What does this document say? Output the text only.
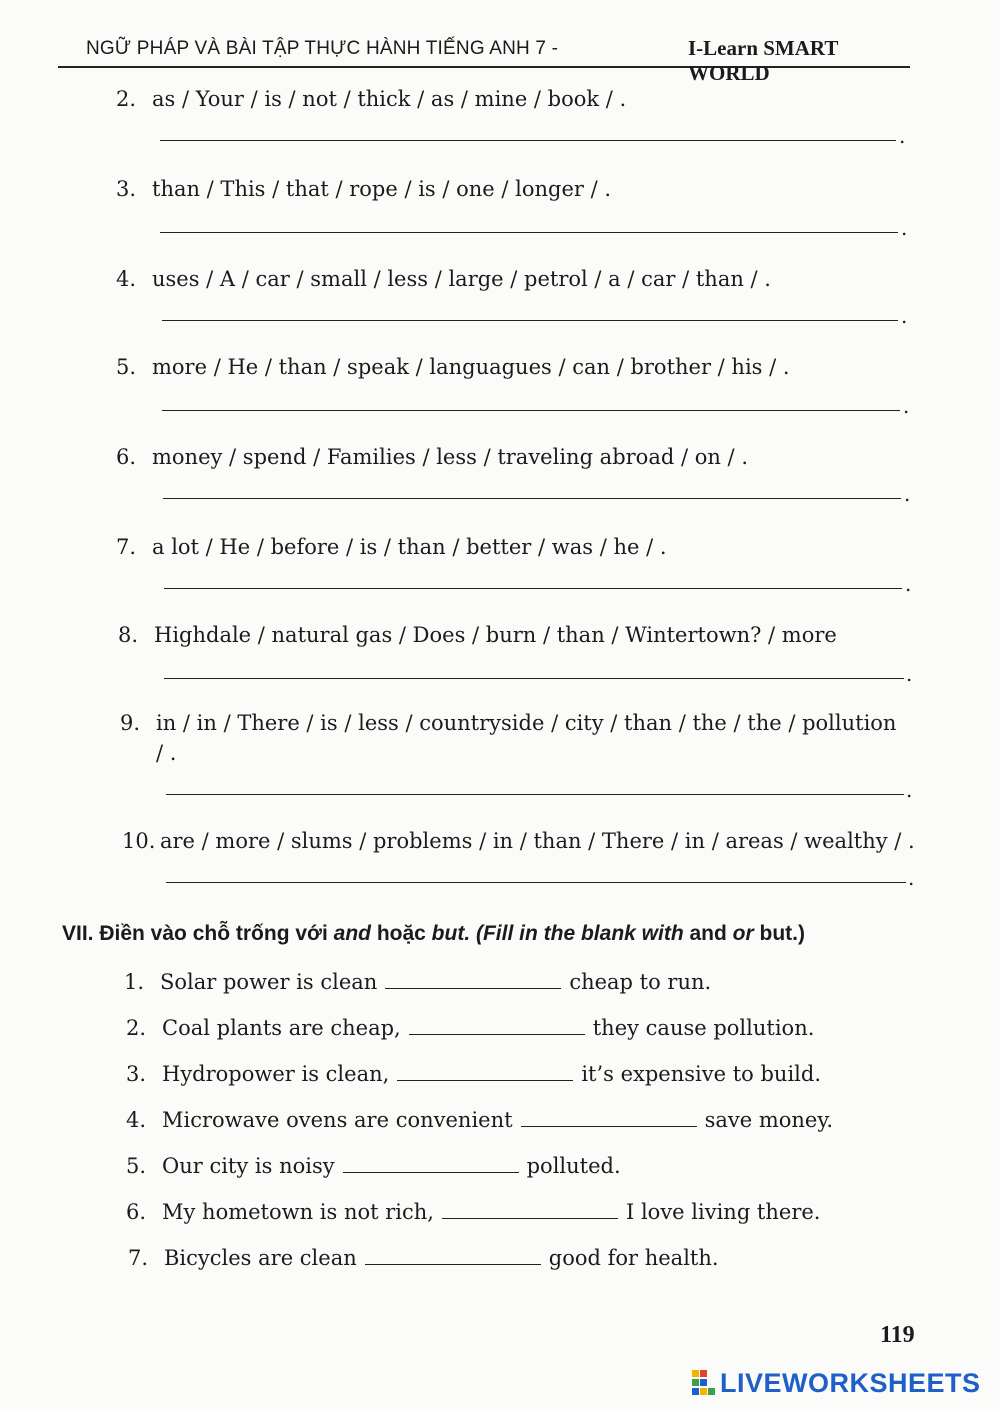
NGỮ PHÁP VÀ BÀI TẬP THỰC HÀNH TIẾNG ANH 7 -	I-Learn SMART WORLD
2. as / Your / is / not / thick / as / mine / book / .
.
3. than / This / that / rope / is / one / longer / .
.
4. uses / A / car / small / less / large / petrol / a / car / than / .
.
5. more / He / than / speak / languagues / can / brother / his / .
.
6. money / spend / Families / less / traveling abroad / on / .
.
7. a lot / He / before / is / than / better / was / he / .
.
8. Highdale / natural gas / Does / burn / than / Wintertown? / more
.
9. in / in / There / is / less / countryside / city / than / the / the / pollution
/ .
.
10. are / more / slums / problems / in / than / There / in / areas / wealthy / .
.
VII. Điền vào chỗ trống với and hoặc but. (Fill in the blank with and or but.)
1. Solar power is clean	cheap to run.
2. Coal plants are cheap,	they cause pollution.
3. Hydropower is clean,	it’s expensive to build.
4. Microwave ovens are convenient	save money.
5. Our city is noisy	polluted.
6. My hometown is not rich,	I love living there.
7. Bicycles are clean	good for health.
119
LIVEWORKSHEETS
